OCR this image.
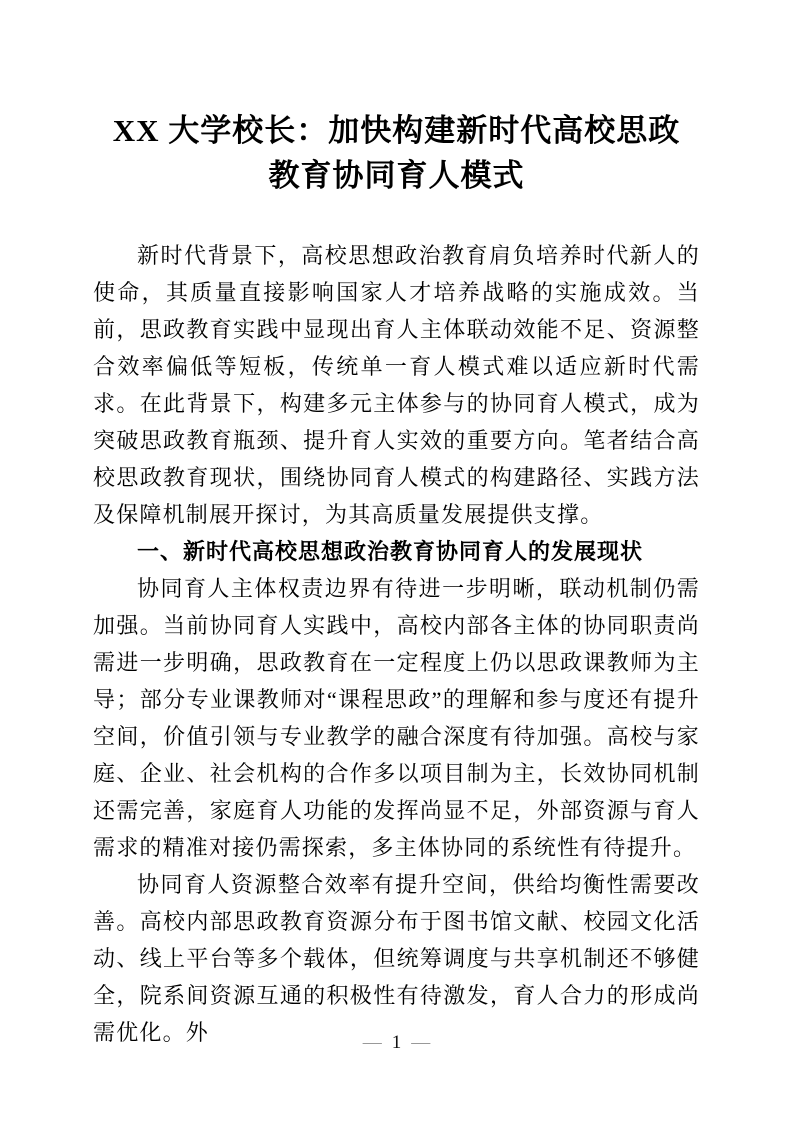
XX 大学校长：加快构建新时代高校思政
教育协同育人模式

新时代背景下，高校思想政治教育肩负培养时代新人的使命，其质量直接影响国家人才培养战略的实施成效。当前，思政教育实践中显现出育人主体联动效能不足、资源整合效率偏低等短板，传统单一育人模式难以适应新时代需求。在此背景下，构建多元主体参与的协同育人模式，成为突破思政教育瓶颈、提升育人实效的重要方向。笔者结合高校思政教育现状，围绕协同育人模式的构建路径、实践方法及保障机制展开探讨，为其高质量发展提供支撑。

一、新时代高校思想政治教育协同育人的发展现状

协同育人主体权责边界有待进一步明晰，联动机制仍需加强。当前协同育人实践中，高校内部各主体的协同职责尚需进一步明确，思政教育在一定程度上仍以思政课教师为主导；部分专业课教师对“课程思政”的理解和参与度还有提升空间，价值引领与专业教学的融合深度有待加强。高校与家庭、企业、社会机构的合作多以项目制为主，长效协同机制还需完善，家庭育人功能的发挥尚显不足，外部资源与育人需求的精准对接仍需探索，多主体协同的系统性有待提升。

协同育人资源整合效率有提升空间，供给均衡性需要改善。高校内部思政教育资源分布于图书馆文献、校园文化活动、线上平台等多个载体，但统筹调度与共享机制还不够健全，院系间资源互通的积极性有待激发，育人合力的形成尚需优化。外	— 1 —
